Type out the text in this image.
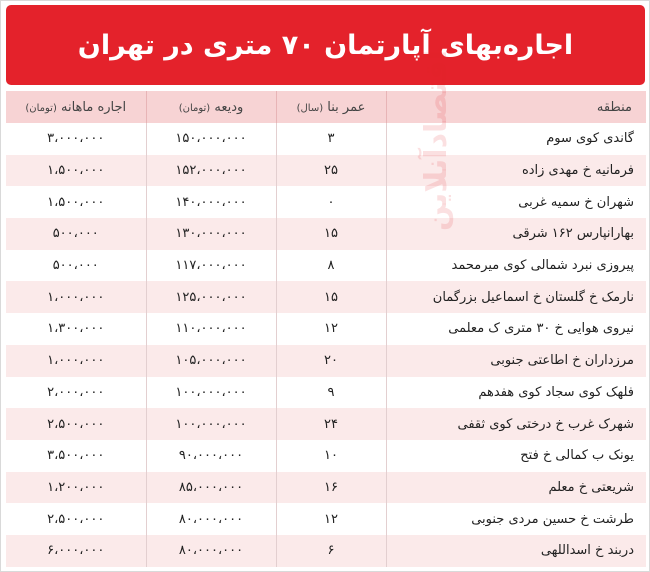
اجاره‌بهای آپارتمان ۷۰ متری در تهران
منطقه	عمر بنا (سال)	ودیعه (تومان)	اجاره ماهانه (تومان)
گاندی کوی سوم	۳	۱۵۰،۰۰۰،۰۰۰	۳،۰۰۰،۰۰۰
فرمانیه خ مهدی زاده	۲۵	۱۵۲،۰۰۰،۰۰۰	۱،۵۰۰،۰۰۰
شهران خ سمیه غربی	۰	۱۴۰،۰۰۰،۰۰۰	۱،۵۰۰،۰۰۰
بهارانپارس ۱۶۲ شرقی	۱۵	۱۳۰،۰۰۰،۰۰۰	۵۰۰،۰۰۰
پیروزی نبرد شمالی کوی میرمحمد	۸	۱۱۷،۰۰۰،۰۰۰	۵۰۰،۰۰۰
نارمک خ گلستان خ اسماعیل بزرگمان	۱۵	۱۲۵،۰۰۰،۰۰۰	۱،۰۰۰،۰۰۰
نیروی هوایی خ ۳۰ متری ک معلمی	۱۲	۱۱۰،۰۰۰،۰۰۰	۱،۳۰۰،۰۰۰
مرزداران خ اطاعتی جنوبی	۲۰	۱۰۵،۰۰۰،۰۰۰	۱،۰۰۰،۰۰۰
فلهک کوی سجاد کوی هفدهم	۹	۱۰۰،۰۰۰،۰۰۰	۲،۰۰۰،۰۰۰
شهرک غرب خ درختی کوی ثقفی	۲۴	۱۰۰،۰۰۰،۰۰۰	۲،۵۰۰،۰۰۰
یونک ب کمالی خ فتح	۱۰	۹۰،۰۰۰،۰۰۰	۳،۵۰۰،۰۰۰
شریعتی خ معلم	۱۶	۸۵،۰۰۰،۰۰۰	۱،۲۰۰،۰۰۰
طرشت خ حسین مردی جنوبی	۱۲	۸۰،۰۰۰،۰۰۰	۲،۵۰۰،۰۰۰
دربند خ اسداللهی	۶	۸۰،۰۰۰،۰۰۰	۶،۰۰۰،۰۰۰
